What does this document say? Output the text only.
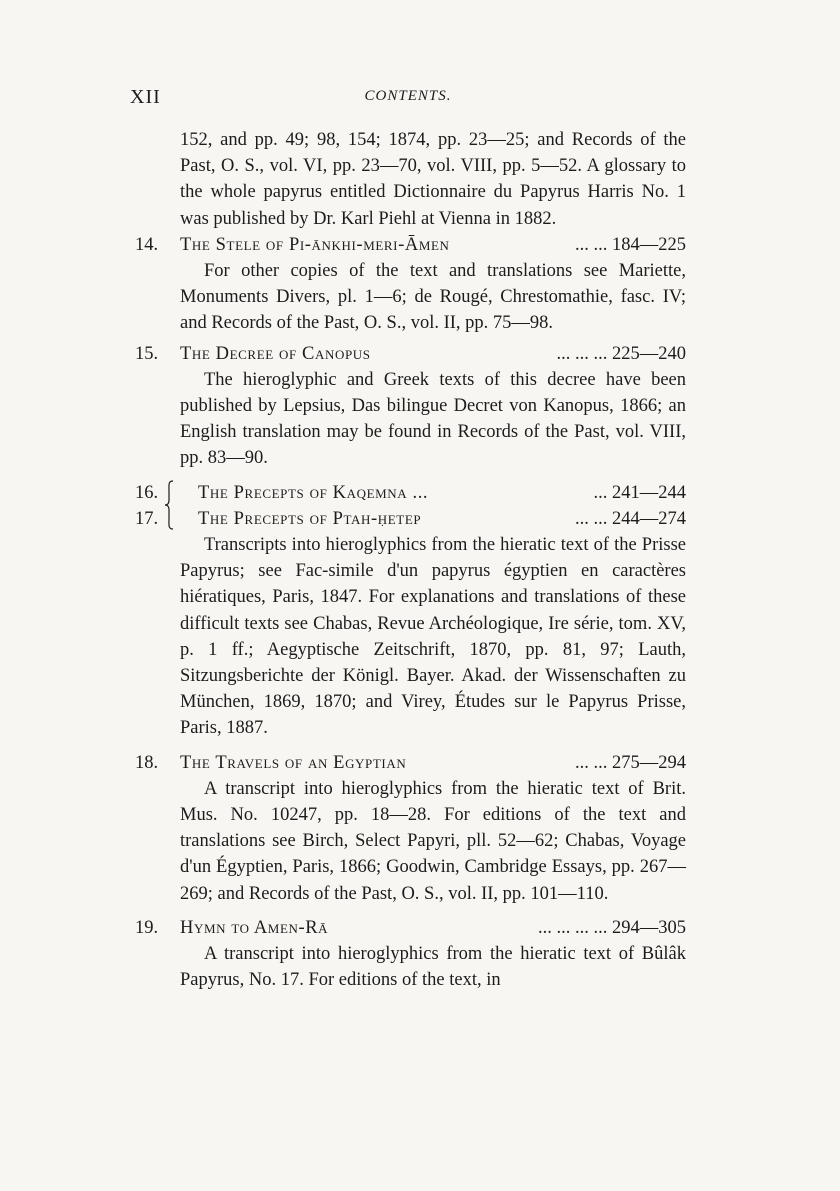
XII	CONTENTS.
152, and pp. 49; 98, 154; 1874, pp. 23—25; and Records of the Past, O. S., vol. VI, pp. 23—70, vol. VIII, pp. 5—52. A glossary to the whole papyrus entitled Dictionnaire du Papyrus Harris No. 1 was published by Dr. Karl Piehl at Vienna in 1882.
14. The Stele of Pi-ānkhi-meri-Āmen	... ... 184—225
For other copies of the text and translations see Mariette, Monuments Divers, pl. 1—6; de Rougé, Chrestomathie, fasc. IV; and Records of the Past, O. S., vol. II, pp. 75—98.
15. The Decree of Canopus	... ... ... 225—240
The hieroglyphic and Greek texts of this decree have been published by Lepsius, Das bilingue Decret von Kanopus, 1866; an English translation may be found in Records of the Past, vol. VIII, pp. 83—90.
16. The Precepts of Kaqemna ...	... 241—244
17. The Precepts of Ptah-ḥetep	... ... 244—274
Transcripts into hieroglyphics from the hieratic text of the Prisse Papyrus; see Fac-simile d'un papyrus égyptien en caractères hiératiques, Paris, 1847. For explanations and translations of these difficult texts see Chabas, Revue Archéologique, Ire série, tom. XV, p. 1 ff.; Aegyptische Zeitschrift, 1870, pp. 81, 97; Lauth, Sitzungsberichte der Königl. Bayer. Akad. der Wissenschaften zu München, 1869, 1870; and Virey, Études sur le Papyrus Prisse, Paris, 1887.
18. The Travels of an Egyptian	... ... 275—294
A transcript into hieroglyphics from the hieratic text of Brit. Mus. No. 10247, pp. 18—28. For editions of the text and translations see Birch, Select Papyri, pll. 52—62; Chabas, Voyage d'un Égyptien, Paris, 1866; Goodwin, Cambridge Essays, pp. 267—269; and Records of the Past, O. S., vol. II, pp. 101—110.
19. Hymn to Amen-Rā	... ... ... ... 294—305
A transcript into hieroglyphics from the hieratic text of Bûlâk Papyrus, No. 17. For editions of the text, in
